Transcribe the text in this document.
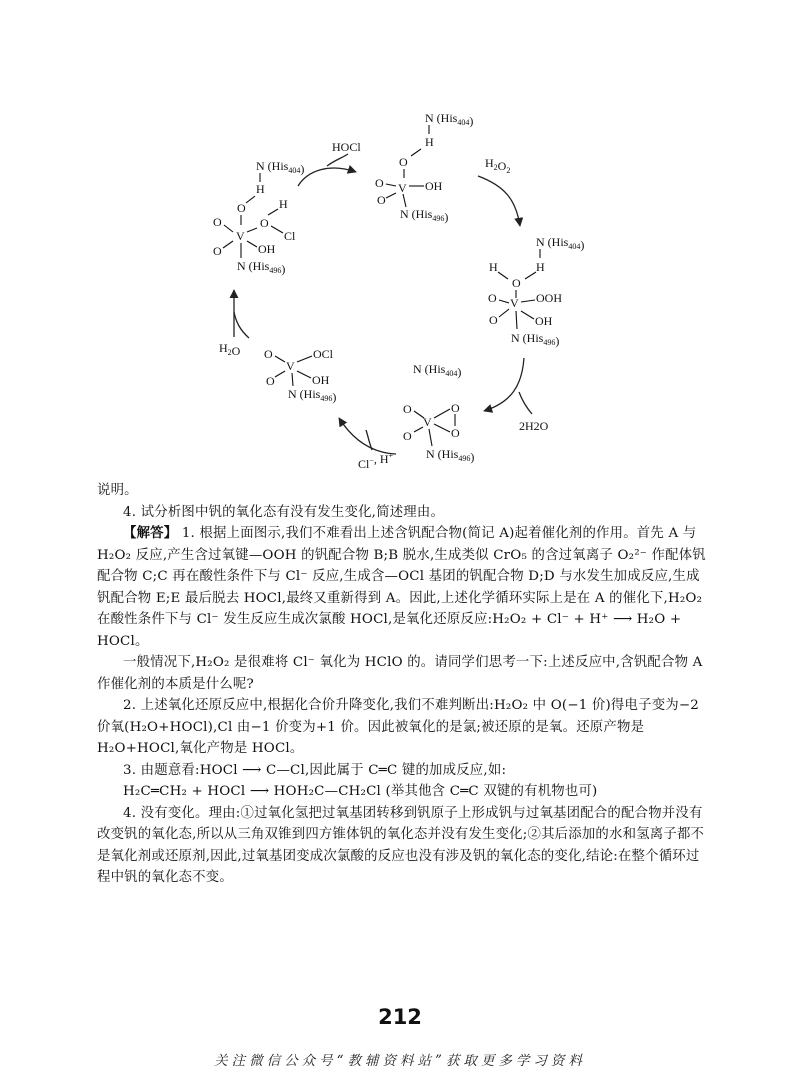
N (His$_{404}$)
H
O
O V OH
O
N (His$_{496}$)
N (His$_{404}$)
H	H
O
O V OOH
O	OH
N (His$_{496}$)
N (His$_{404}$)
O
V
O
O
O
N (His$_{496}$)
O
V
OCl
O	OH
N (His$_{496}$)
N (His$_{404}$)
H
O
O
H
Cl
O
V
O	OH
N (His$_{496}$)
HOCl
$H_2O_2$
2H2O
Cl−, H+
$H_2O$

说明。

4. 试分析图中钒的氧化态有没有发生变化,简述理由。

【解答】 1. 根据上面图示,我们不难看出上述含钒配合物(简记 A)起着催化剂的作用。首先 A 与 H₂O₂ 反应,产生含过氧键—OOH 的钒配合物 B;B 脱水,生成类似 CrO₅ 的含过氧离子 O₂²⁻ 作配体钒配合物 C;C 再在酸性条件下与 Cl⁻ 反应,生成含—OCl 基团的钒配合物 D;D 与水发生加成反应,生成钒配合物 E;E 最后脱去 HOCl,最终又重新得到 A。因此,上述化学循环实际上是在 A 的催化下,H₂O₂ 在酸性条件下与 Cl⁻ 发生反应生成次氯酸 HOCl,是氧化还原反应:H₂O₂ + Cl⁻ + H⁺ ⟶ H₂O + HOCl。

一般情况下,H₂O₂ 是很难将 Cl⁻ 氧化为 HClO 的。请同学们思考一下:上述反应中,含钒配合物 A 作催化剂的本质是什么呢?

2. 上述氧化还原反应中,根据化合价升降变化,我们不难判断出:H₂O₂ 中 O(−1 价)得电子变为−2 价氧(H₂O+HOCl),Cl 由−1 价变为+1 价。因此被氧化的是氯;被还原的是氧。还原产物是 H₂O+HOCl,氧化产物是 HOCl。

3. 由题意看:HOCl ⟶ C—Cl,因此属于 C═C 键的加成反应,如:

H₂C═CH₂ + HOCl ⟶ HOH₂C—CH₂Cl (举其他含 C═C 双键的有机物也可)

4. 没有变化。理由:①过氧化氢把过氧基团转移到钒原子上形成钒与过氧基团配合的配合物并没有改变钒的氧化态,所以从三角双锥到四方锥体钒的氧化态并没有发生变化;②其后添加的水和氢离子都不是氧化剂或还原剂,因此,过氧基团变成次氯酸的反应也没有涉及钒的氧化态的变化,结论:在整个循环过程中钒的氧化态不变。

212
关注微信公众号“教辅资料站”获取更多学习资料
